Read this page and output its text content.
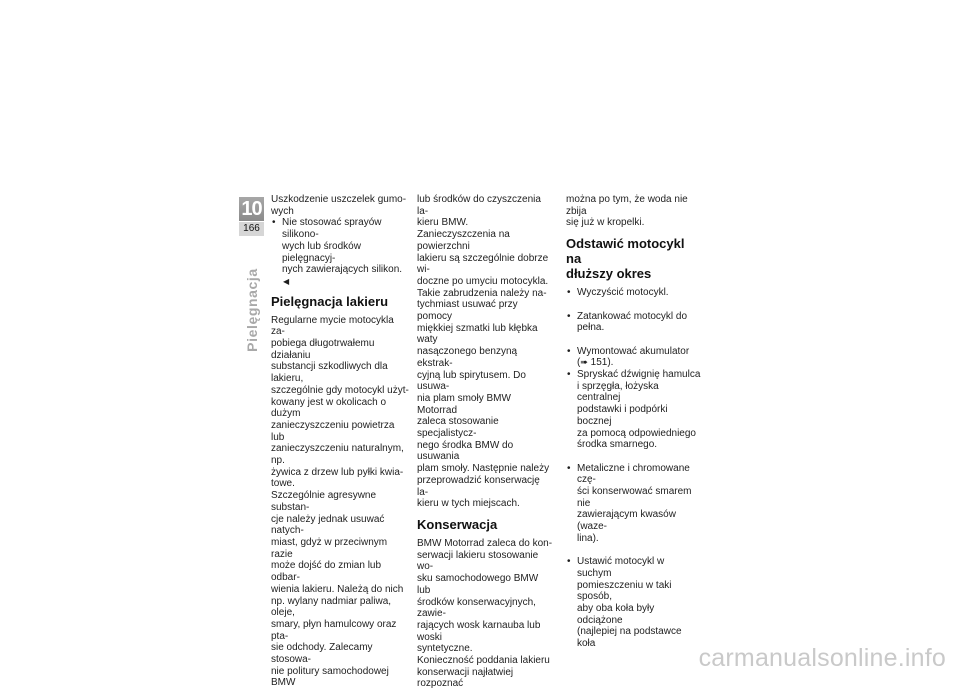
10
166
Pielęgnacja

Uszkodzenie uszczelek gumo-
wych

• Nie stosować sprayów silikono-
wych lub środków pielęgnacyj-
nych zawierających silikon.◀
Pielęgnacja lakieru

Regularne mycie motocykla za-
pobiega długotrwałemu działaniu
substancji szkodliwych dla lakieru,
szczególnie gdy motocykl użyt-
kowany jest w okolicach o dużym
zanieczyszczeniu powietrza lub
zanieczyszczeniu naturalnym, np.
żywica z drzew lub pyłki kwia-
towe.
Szczególnie agresywne substan-
cje należy jednak usuwać natych-
miast, gdyż w przeciwnym razie
może dojść do zmian lub odbar-
wienia lakieru. Należą do nich
np. wylany nadmiar paliwa, oleje,
smary, płyn hamulcowy oraz pta-
sie odchody. Zalecamy stosowa-
nie politury samochodowej BMW

lub środków do czyszczenia la-
kieru BMW.
Zanieczyszczenia na powierzchni
lakieru są szczególnie dobrze wi-
doczne po umyciu motocykla.
Takie zabrudzenia należy na-
tychmiast usuwać przy pomocy
miękkiej szmatki lub kłębka waty
nasączonego benzyną ekstrak-
cyjną lub spirytusem. Do usuwa-
nia plam smoły BMW Motorrad
zaleca stosowanie specjalistycz-
nego środka BMW do usuwania
plam smoły. Następnie należy
przeprowadzić konserwację la-
kieru w tych miejscach.

Konserwacja

BMW Motorrad zaleca do kon-
serwacji lakieru stosowanie wo-
sku samochodowego BMW lub
środków konserwacyjnych, zawie-
rających wosk karnauba lub woski
syntetyczne.
Konieczność poddania lakieru
konserwacji najłatwiej rozpoznać

można po tym, że woda nie zbija
się już w kropelki.

Odstawić motocykl na
dłuższy okres
• Wyczyścić motocykl.
• Zatankować motocykl do pełna.
• Wymontować akumulator
(➠ 151).
• Spryskać dźwignię hamulca
i sprzęgła, łożyska centralnej
podstawki i podpórki bocznej
za pomocą odpowiedniego
środka smarnego.
• Metaliczne i chromowane czę-
ści konserwować smarem nie
zawierającym kwasów (waze-
lina).
• Ustawić motocykl w suchym
pomieszczeniu w taki sposób,
aby oba koła były odciążone
(najlepiej na podstawce koła
carmanualsonline.info
